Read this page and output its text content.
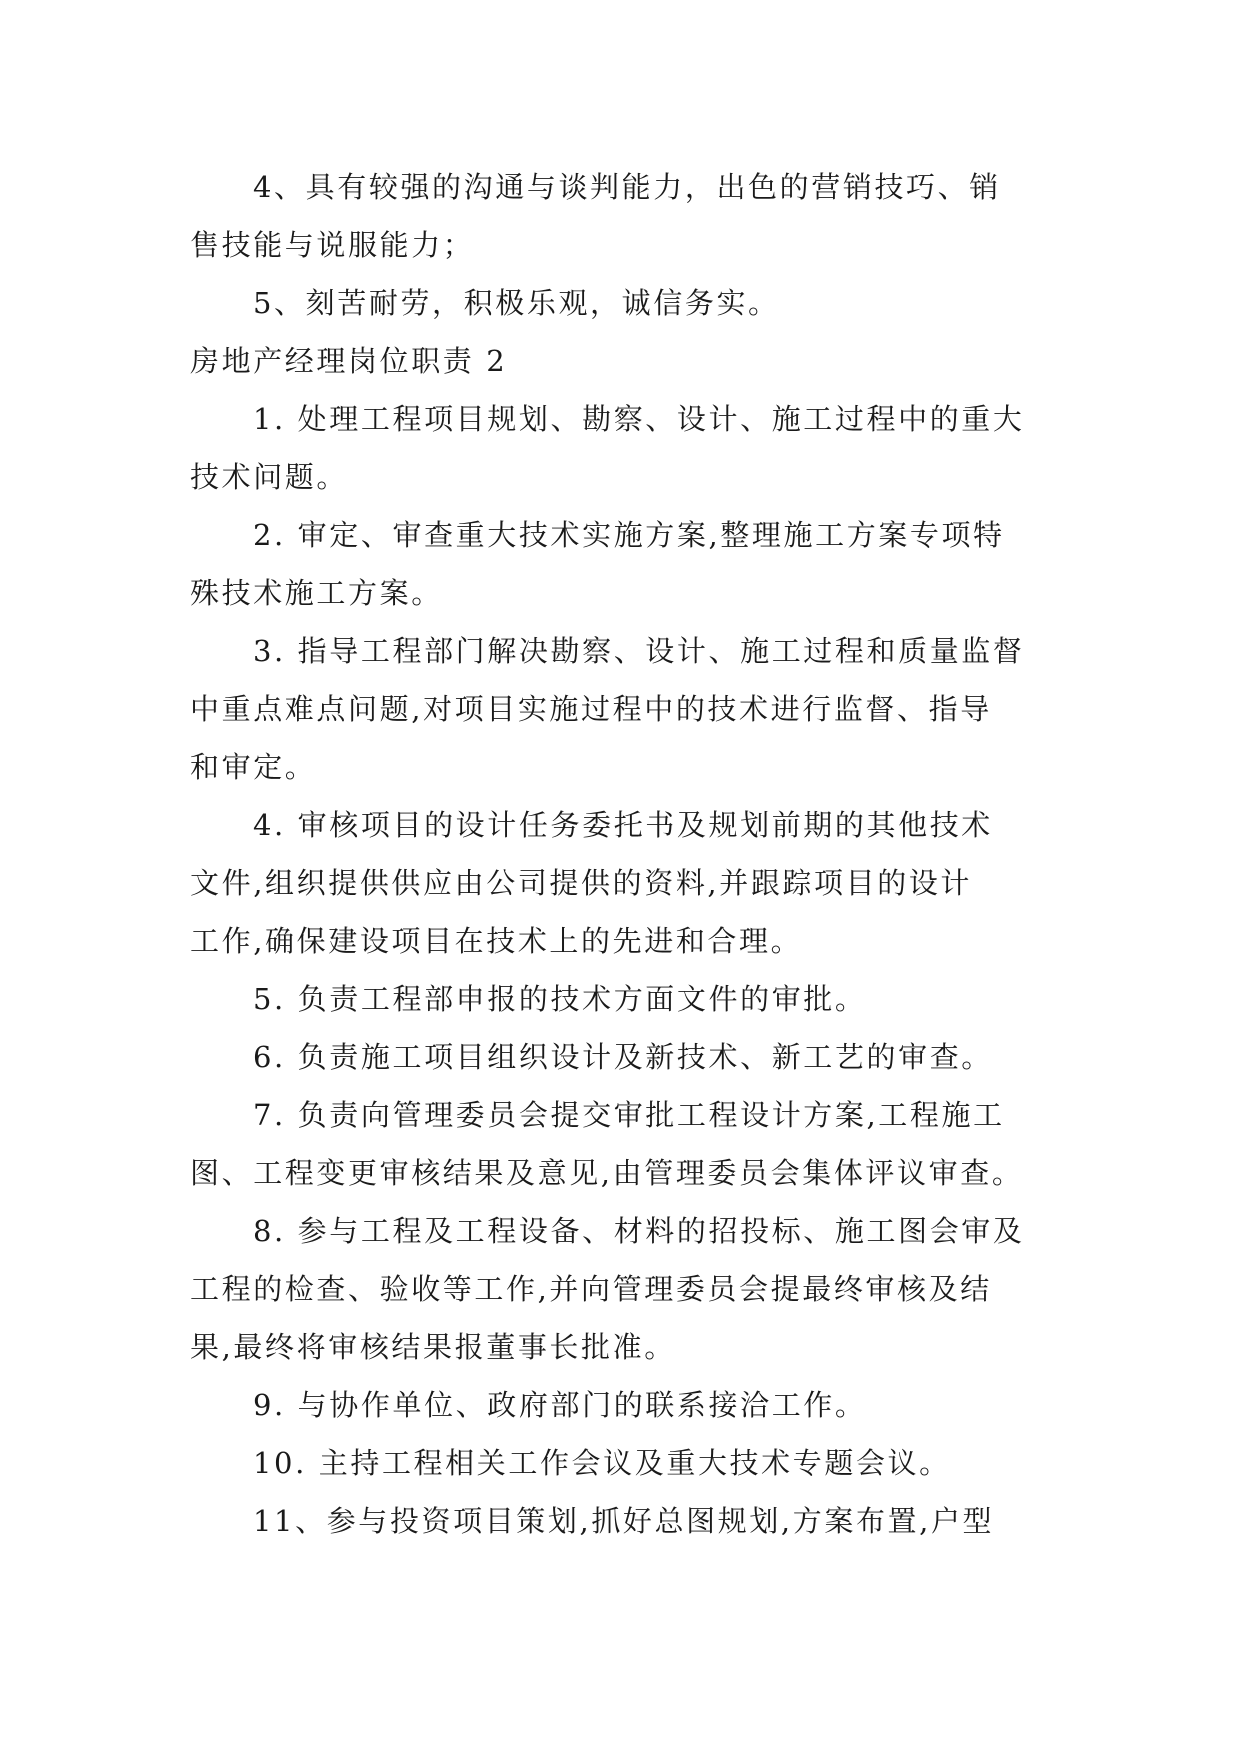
4、具有较强的沟通与谈判能力，出色的营销技巧、销
售技能与说服能力；
5、刻苦耐劳，积极乐观，诚信务实。
房地产经理岗位职责 2
1. 处理工程项目规划、勘察、设计、施工过程中的重大
技术问题。
2. 审定、审查重大技术实施方案,整理施工方案专项特
殊技术施工方案。
3. 指导工程部门解决勘察、设计、施工过程和质量监督
中重点难点问题,对项目实施过程中的技术进行监督、指导
和审定。
4. 审核项目的设计任务委托书及规划前期的其他技术
文件,组织提供供应由公司提供的资料,并跟踪项目的设计
工作,确保建设项目在技术上的先进和合理。
5. 负责工程部申报的技术方面文件的审批。
6. 负责施工项目组织设计及新技术、新工艺的审查。
7. 负责向管理委员会提交审批工程设计方案,工程施工
图、工程变更审核结果及意见,由管理委员会集体评议审查。
8. 参与工程及工程设备、材料的招投标、施工图会审及
工程的检查、验收等工作,并向管理委员会提最终审核及结
果,最终将审核结果报董事长批准。
9. 与协作单位、政府部门的联系接洽工作。
10. 主持工程相关工作会议及重大技术专题会议。
11、参与投资项目策划,抓好总图规划,方案布置,户型
